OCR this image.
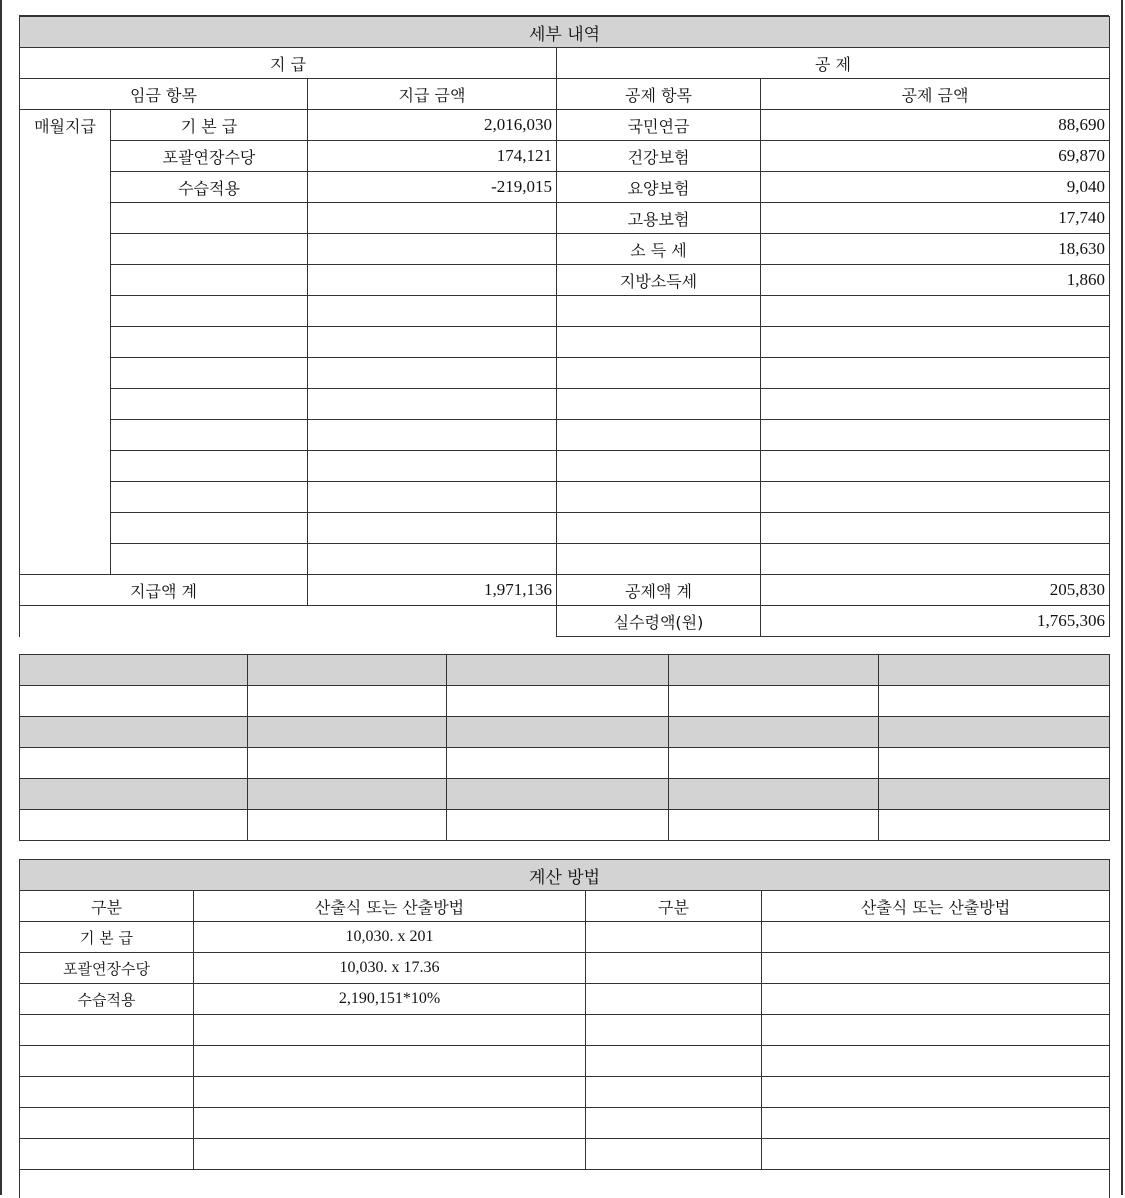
세부 내역				
지 급			공 제	
임금 항목		지급 금액	공제 항목	공제 금액
매월지급	기 본 급	2,016,030	국민연금	88,690
	포괄연장수당	174,121	건강보험	69,870
	수습적용	-219,015	요양보험	9,040
			고용보험	17,740
			소 득 세	18,630
			지방소득세	1,860

지급액 계		1,971,136	공제액 계	205,830
			실수령액(원)	1,765,306

계산 방법			
구분	산출식 또는 산출방법	구분	산출식 또는 산출방법
기 본 급	10,030. x 201		
포괄연장수당	10,030. x 17.36		
수습적용	2,190,151*10%		
